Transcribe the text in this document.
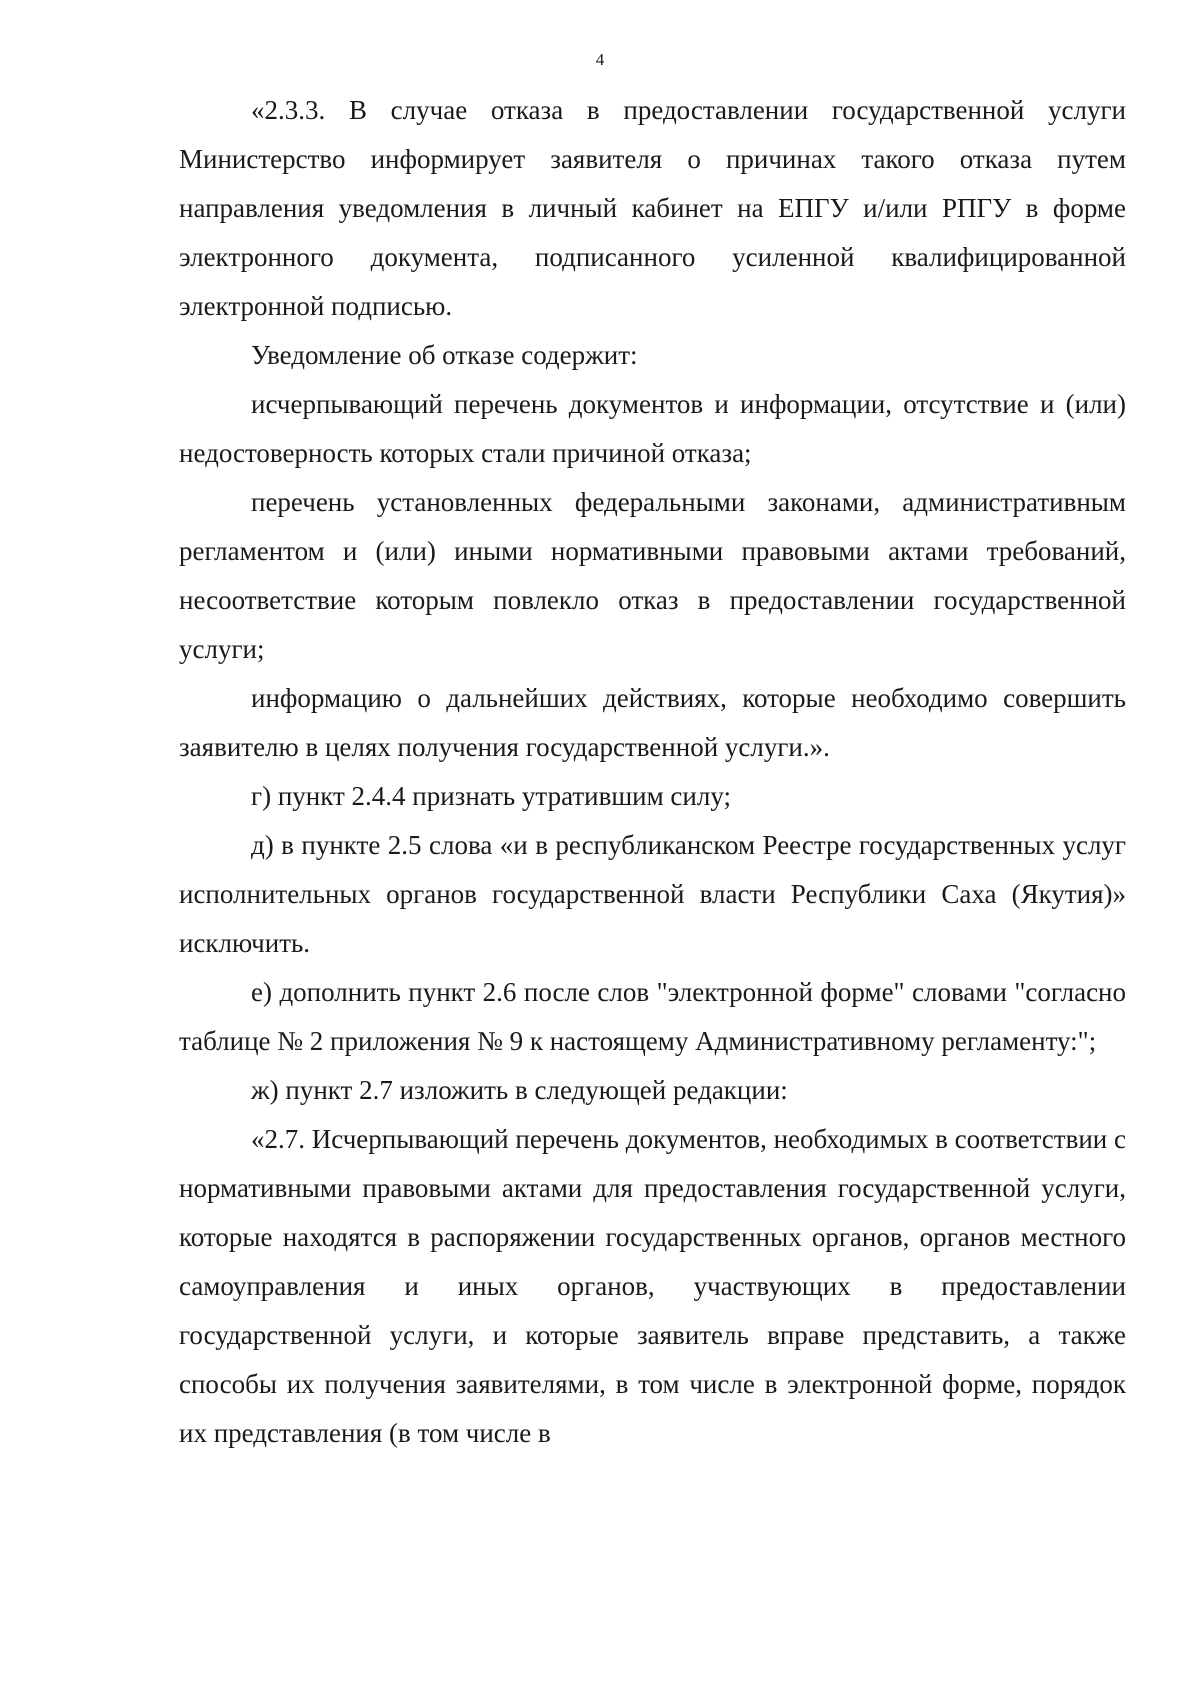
4

«2.3.3. В случае отказа в предоставлении государственной услуги Министерство информирует заявителя о причинах такого отказа путем направления уведомления в личный кабинет на ЕПГУ и/или РПГУ в форме электронного документа, подписанного усиленной квалифицированной электронной подписью.

Уведомление об отказе содержит:

исчерпывающий перечень документов и информации, отсутствие и (или) недостоверность которых стали причиной отказа;

перечень установленных федеральными законами, административным регламентом и (или) иными нормативными правовыми актами требований, несоответствие которым повлекло отказ в предоставлении государственной услуги;

информацию о дальнейших действиях, которые необходимо совершить заявителю в целях получения государственной услуги.».

г) пункт 2.4.4 признать утратившим силу;

д) в пункте 2.5 слова «и в республиканском Реестре государственных услуг исполнительных органов государственной власти Республики Саха (Якутия)» исключить.

е) дополнить пункт 2.6 после слов "электронной форме" словами "согласно таблице № 2 приложения № 9 к настоящему Административному регламенту:";

ж) пункт 2.7 изложить в следующей редакции:

«2.7. Исчерпывающий перечень документов, необходимых в соответствии с нормативными правовыми актами для предоставления государственной услуги, которые находятся в распоряжении государственных органов, органов местного самоуправления и иных органов, участвующих в предоставлении государственной услуги, и которые заявитель вправе представить, а также способы их получения заявителями, в том числе в электронной форме, порядок их представления (в том числе в
